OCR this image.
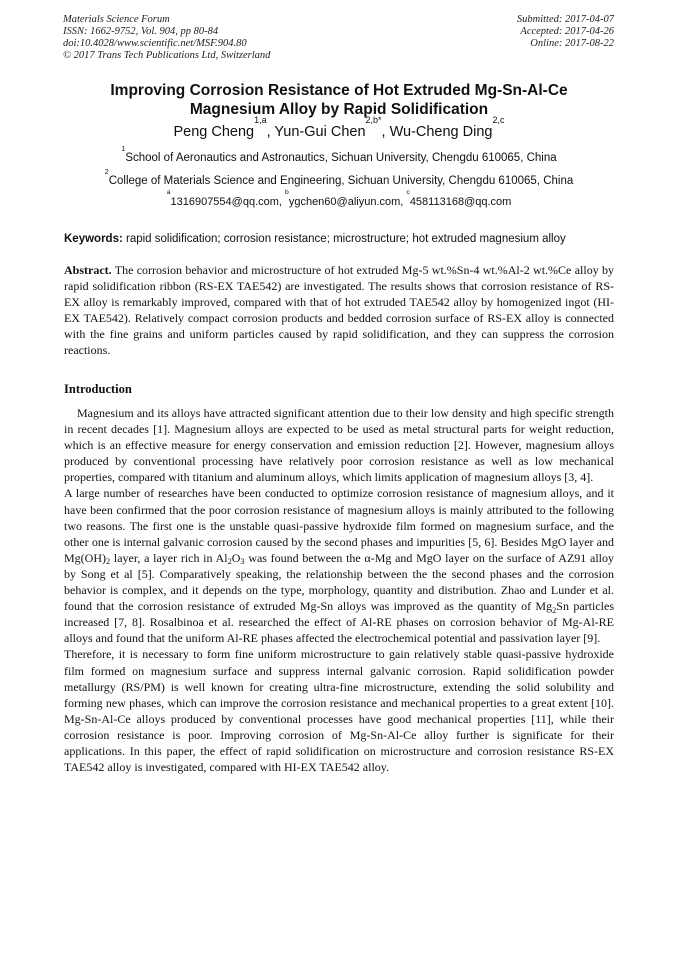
Materials Science Forum
ISSN: 1662-9752, Vol. 904, pp 80-84
doi:10.4028/www.scientific.net/MSF.904.80
© 2017 Trans Tech Publications Ltd, Switzerland
Submitted: 2017-04-07
Accepted: 2017-04-26
Online: 2017-08-22
Improving Corrosion Resistance of Hot Extruded Mg-Sn-Al-Ce
Magnesium Alloy by Rapid Solidification
Peng Cheng$^{1,a}$, Yun-Gui Chen$^{2,b*}$, Wu-Cheng Ding$^{2,c}$
$^1$School of Aeronautics and Astronautics, Sichuan University, Chengdu 610065, China
$^2$College of Materials Science and Engineering, Sichuan University, Chengdu 610065, China
$^a$1316907554@qq.com, $^b$ygchen60@aliyun.com, $^c$458113168@qq.com
Keywords: rapid solidification; corrosion resistance; microstructure; hot extruded magnesium alloy
Abstract. The corrosion behavior and microstructure of hot extruded Mg-5 wt.%Sn-4 wt.%Al-2 wt.%Ce alloy by rapid solidification ribbon (RS-EX TAE542) are investigated. The results shows that corrosion resistance of RS-EX alloy is remarkably improved, compared with that of hot extruded TAE542 alloy by homogenized ingot (HI-EX TAE542). Relatively compact corrosion products and bedded corrosion surface of RS-EX alloy is connected with the fine grains and uniform particles caused by rapid solidification, and they can suppress the corrosion reactions.
Introduction

Magnesium and its alloys have attracted significant attention due to their low density and high specific strength in recent decades [1]. Magnesium alloys are expected to be used as metal structural parts for weight reduction, which is an effective measure for energy conservation and emission reduction [2]. However, magnesium alloys produced by conventional processing have relatively poor corrosion resistance as well as low mechanical properties, compared with titanium and aluminum alloys, which limits application of magnesium alloys [3, 4].

A large number of researches have been conducted to optimize corrosion resistance of magnesium alloys, and it have been confirmed that the poor corrosion resistance of magnesium alloys is mainly attributed to the following two reasons. The first one is the unstable quasi-passive hydroxide film formed on magnesium surface, and the other one is internal galvanic corrosion caused by the second phases and impurities [5, 6]. Besides MgO layer and $Mg(OH)_2$ layer, a layer rich in $Al_2O_3$ was found between the α-Mg and MgO layer on the surface of AZ91 alloy by Song et al [5]. Comparatively speaking, the relationship between the the second phases and the corrosion behavior is complex, and it depends on the type, morphology, quantity and distribution. Zhao and Lunder et al. found that the corrosion resistance of extruded Mg-Sn alloys was improved as the quantity of $Mg_2Sn$ particles increased [7, 8]. Rosalbinoa et al. researched the effect of Al-RE phases on corrosion behavior of Mg-Al-RE alloys and found that the uniform Al-RE phases affected the electrochemical potential and passivation layer [9].

Therefore, it is necessary to form fine uniform microstructure to gain relatively stable quasi-passive hydroxide film formed on magnesium surface and suppress internal galvanic corrosion. Rapid solidification powder metallurgy (RS/PM) is well known for creating ultra-fine microstructure, extending the solid solubility and forming new phases, which can improve the corrosion resistance and mechanical properties to a great extent [10]. Mg-Sn-Al-Ce alloys produced by conventional processes have good mechanical properties [11], while their corrosion resistance is poor. Improving corrosion of Mg-Sn-Al-Ce alloy further is significate for their applications. In this paper, the effect of rapid solidification on microstructure and corrosion resistance RS-EX TAE542 alloy is investigated, compared with HI-EX TAE542 alloy.
